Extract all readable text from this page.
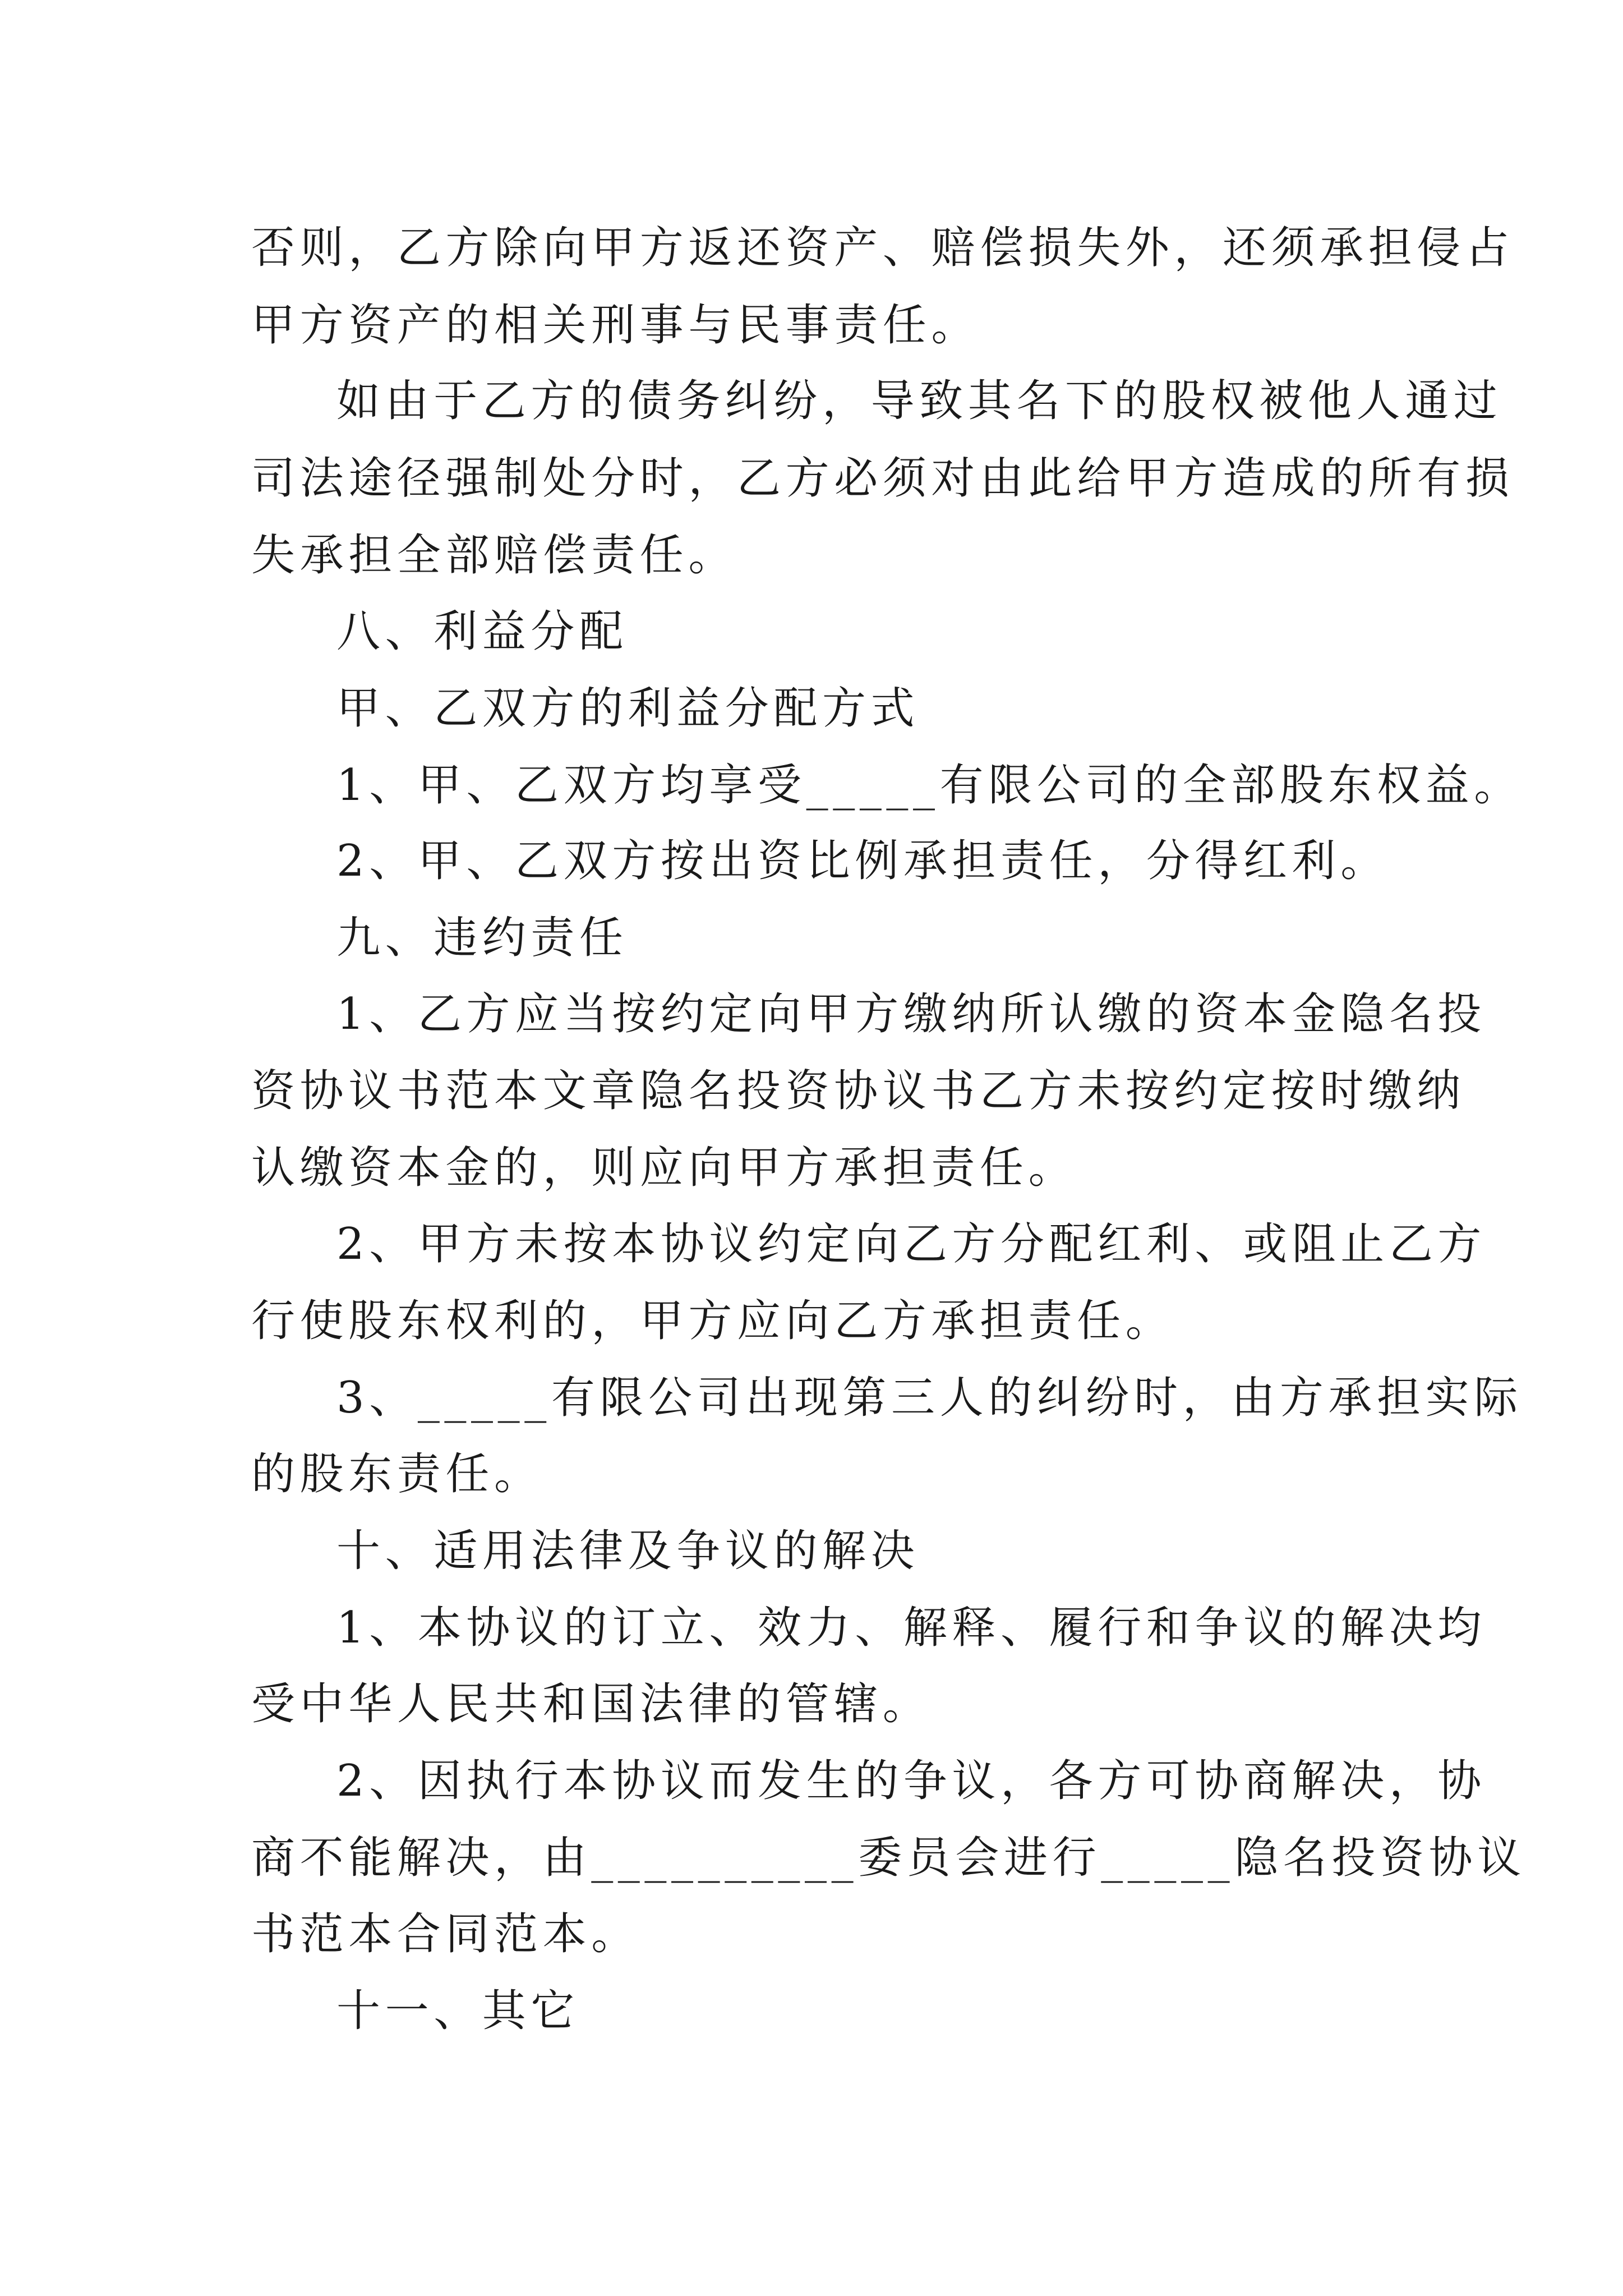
否则，乙方除向甲方返还资产、赔偿损失外，还须承担侵占
甲方资产的相关刑事与民事责任。
如由于乙方的债务纠纷，导致其名下的股权被他人通过
司法途径强制处分时，乙方必须对由此给甲方造成的所有损
失承担全部赔偿责任。
八、利益分配
甲、乙双方的利益分配方式
1、甲、乙双方均享受_____有限公司的全部股东权益。
2、甲、乙双方按出资比例承担责任，分得红利。
九、违约责任
1、乙方应当按约定向甲方缴纳所认缴的资本金隐名投
资协议书范本文章隐名投资协议书乙方未按约定按时缴纳
认缴资本金的，则应向甲方承担责任。
2、甲方未按本协议约定向乙方分配红利、或阻止乙方
行使股东权利的，甲方应向乙方承担责任。
3、_____有限公司出现第三人的纠纷时，由方承担实际
的股东责任。
十、适用法律及争议的解决
1、本协议的订立、效力、解释、履行和争议的解决均
受中华人民共和国法律的管辖。
2、因执行本协议而发生的争议，各方可协商解决，协
商不能解决，由__________委员会进行_____隐名投资协议
书范本合同范本。
十一、其它
